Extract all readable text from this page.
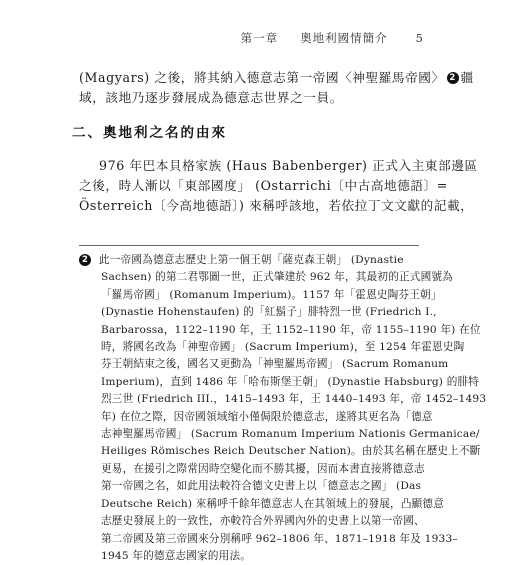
第一章 奧地利國情簡介 5
(Magyars) 之後，將其納入德意志第一帝國〈神聖羅馬帝國〉 2 疆
域，該地乃逐步發展成為德意志世界之一員。
二、奧地利之名的由來
976 年巴本貝格家族 (Haus Babenberger) 正式入主東部邊區
之後，時人漸以「東部國度」 (Ostarrichi〔中古高地德語〕=
Österreich〔今高地德語〕) 來稱呼該地，若依拉丁文文獻的記載，
2 此一帝國為德意志歷史上第一個王朝「薩克森王朝」 (Dynastie
Sachsen) 的第二君鄂圖一世，正式肇建於 962 年，其最初的正式國號為
「羅馬帝國」 (Romanum Imperium)。1157 年「霍恩史陶芬王朝」
(Dynastie Hohenstaufen) 的「紅鬍子」腓特烈一世 (Friedrich I.,
Barbarossa，1122–1190 年，王 1152–1190 年，帝 1155–1190 年) 在位
時，將國名改為「神聖帝國」 (Sacrum Imperium)，至 1254 年霍恩史陶
芬王朝結束之後，國名又更動為「神聖羅馬帝國」 (Sacrum Romanum
Imperium)，直到 1486 年「哈布斯堡王朝」 (Dynastie Habsburg) 的腓特
烈三世 (Friedrich III.，1415–1493 年，王 1440–1493 年，帝 1452–1493
年) 在位之際，因帝國領域缩小僅侷限於德意志，遂將其更名為「德意
志神聖羅馬帝國」 (Sacrum Romanum Imperium Nationis Germanicae/
Heiliges Römisches Reich Deutscher Nation)。由於其名稱在歷史上不斷
更易，在援引之際常因時空變化而不勝其擾，因而本書直接將德意志
第一帝國之名，如此用法較符合德文史書上以「德意志之國」 (Das
Deutsche Reich) 來稱呼千餘年德意志人在其領域上的發展，凸顯德意
志歷史發展上的一致性，亦較符合外界國內外的史書上以第一帝國、
第二帝國及第三帝國來分別稱呼 962–1806 年、1871–1918 年及 1933–
1945 年的德意志國家的用法。
